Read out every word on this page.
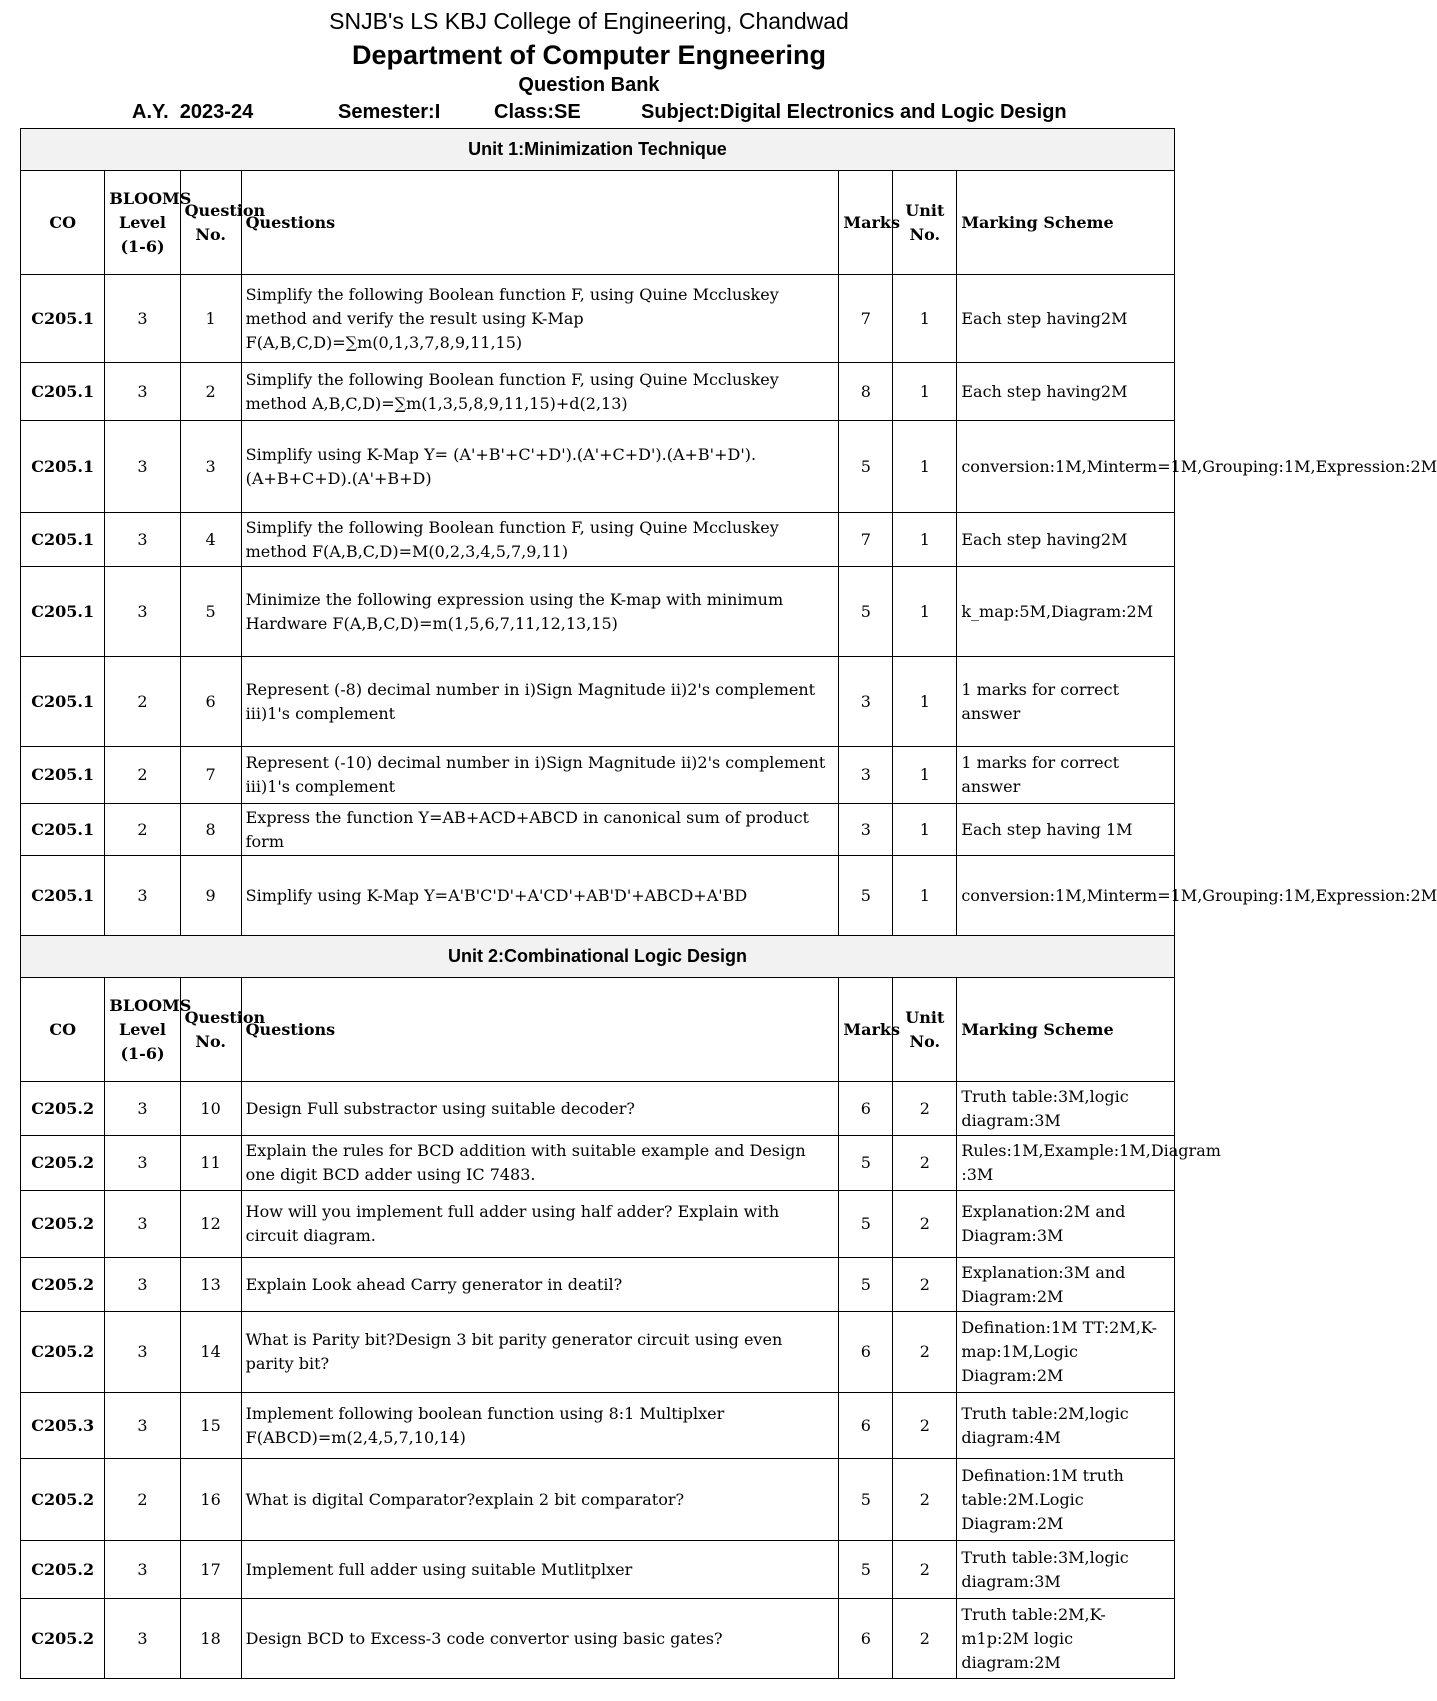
SNJB's LS KBJ College of Engineering, Chandwad
Department of Computer Engneering
Question Bank
A.Y.  2023-24	Semester:I	Class:SE	Subject:Digital Electronics and Logic Design
Unit 1:Minimization Technique						
CO	BLOOMS Level (1-6)	Question No.	Questions	Marks	Unit No.	Marking Scheme
C205.1	3	1	Simplify the following Boolean function F, using Quine Mccluskey method and verify the result using K-Map F(A,B,C,D)=∑m(0,1,3,7,8,9,11,15)	7	1	Each step having2M
C205.1	3	2	Simplify the following Boolean function F, using Quine Mccluskey method A,B,C,D)=∑m(1,3,5,8,9,11,15)+d(2,13)	8	1	Each step having2M
C205.1	3	3	Simplify using K-Map Y= (A'+B'+C'+D').(A'+C+D').(A+B'+D').(A+B+C+D).(A'+B+D)	5	1	conversion:1M,Minterm=1M,Grouping:1M,Expression:2M
C205.1	3	4	Simplify the following Boolean function F, using Quine Mccluskey method F(A,B,C,D)=M(0,2,3,4,5,7,9,11)	7	1	Each step having2M
C205.1	3	5	Minimize the following expression using the K-map with minimum Hardware F(A,B,C,D)=m(1,5,6,7,11,12,13,15)	5	1	k_map:5M,Diagram:2M
C205.1	2	6	Represent (-8) decimal number in i)Sign Magnitude ii)2's complement iii)1's complement	3	1	1 marks for correct answer
C205.1	2	7	Represent (-10) decimal number in i)Sign Magnitude ii)2's complement iii)1's complement	3	1	1 marks for correct answer
C205.1	2	8	Express the function Y=AB+ACD+ABCD in canonical sum of product form	3	1	Each step having 1M
C205.1	3	9	Simplify using K-Map Y=A'B'C'D'+A'CD'+AB'D'+ABCD+A'BD	5	1	conversion:1M,Minterm=1M,Grouping:1M,Expression:2M
Unit 2:Combinational Logic Design						
CO	BLOOMS Level (1-6)	Question No.	Questions	Marks	Unit No.	Marking Scheme
C205.2	3	10	Design Full substractor using suitable decoder?	6	2	Truth table:3M,logic diagram:3M
C205.2	3	11	Explain the rules for BCD addition with suitable example and Design one digit BCD adder using IC 7483.	5	2	Rules:1M,Example:1M,Diagram :3M
C205.2	3	12	How will you implement full adder using half adder? Explain with circuit diagram.	5	2	Explanation:2M and Diagram:3M
C205.2	3	13	Explain Look ahead Carry generator in deatil?	5	2	Explanation:3M and Diagram:2M
C205.2	3	14	What is Parity bit?Design 3 bit parity generator circuit using even parity bit?	6	2	Defination:1M TT:2M,K-map:1M,Logic Diagram:2M
C205.3	3	15	Implement following boolean function using 8:1 Multiplxer F(ABCD)=m(2,4,5,7,10,14)	6	2	Truth table:2M,logic diagram:4M
C205.2	2	16	What is digital Comparator?explain 2 bit comparator?	5	2	Defination:1M truth table:2M.Logic Diagram:2M
C205.2	3	17	Implement full adder using suitable Mutlitplxer	5	2	Truth table:3M,logic diagram:3M
C205.2	3	18	Design BCD to Excess-3 code convertor using basic gates?	6	2	Truth table:2M,K-m1p:2M logic diagram:2M
